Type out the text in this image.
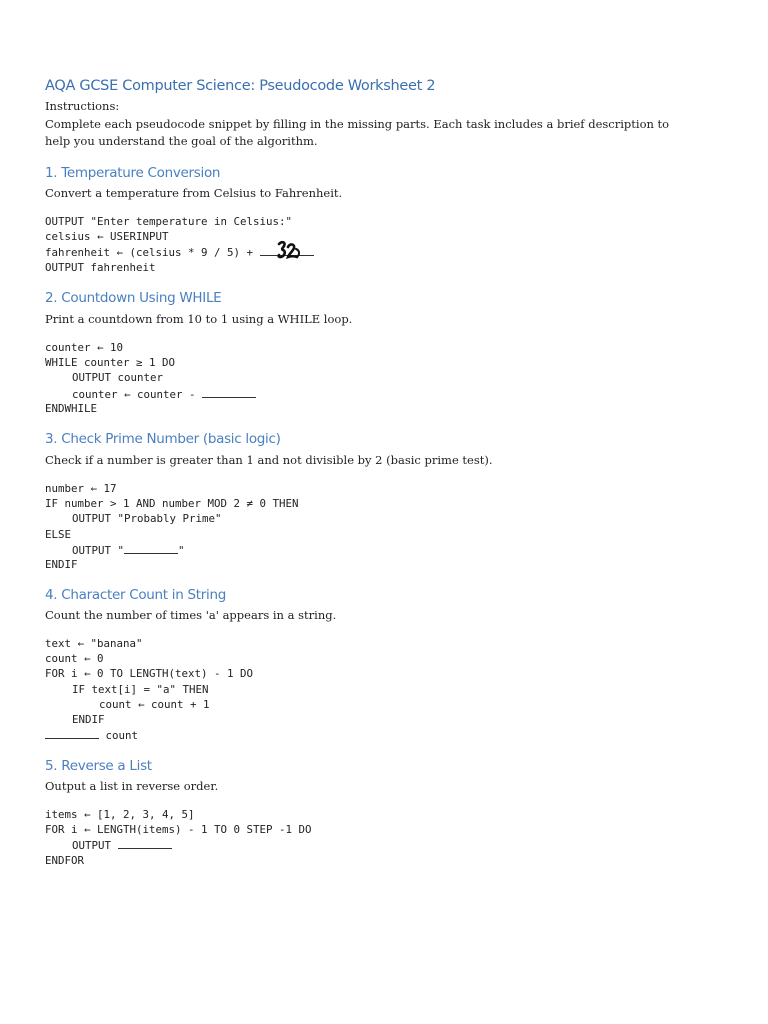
AQA GCSE Computer Science: Pseudocode Worksheet 2
Instructions:
Complete each pseudocode snippet by filling in the missing parts. Each task includes a brief description to help you understand the goal of the algorithm.
1. Temperature Conversion
Convert a temperature from Celsius to Fahrenheit.
OUTPUT "Enter temperature in Celsius:"
celsius ← USERINPUT
fahrenheit ← (celsius * 9 / 5) +
OUTPUT fahrenheit
2. Countdown Using WHILE
Print a countdown from 10 to 1 using a WHILE loop.
counter ← 10
WHILE counter ≥ 1 DO
OUTPUT counter
counter ← counter -
ENDWHILE
3. Check Prime Number (basic logic)
Check if a number is greater than 1 and not divisible by 2 (basic prime test).
number ← 17
IF number > 1 AND number MOD 2 ≠ 0 THEN
OUTPUT "Probably Prime"
ELSE
OUTPUT "	"
ENDIF
4. Character Count in String
Count the number of times 'a' appears in a string.
text ← "banana"
count ← 0
FOR i ← 0 TO LENGTH(text) - 1 DO
IF text[i] = "a" THEN
count ← count + 1
ENDIF
count
5. Reverse a List
Output a list in reverse order.
items ← [1, 2, 3, 4, 5]
FOR i ← LENGTH(items) - 1 TO 0 STEP -1 DO
OUTPUT
ENDFOR
